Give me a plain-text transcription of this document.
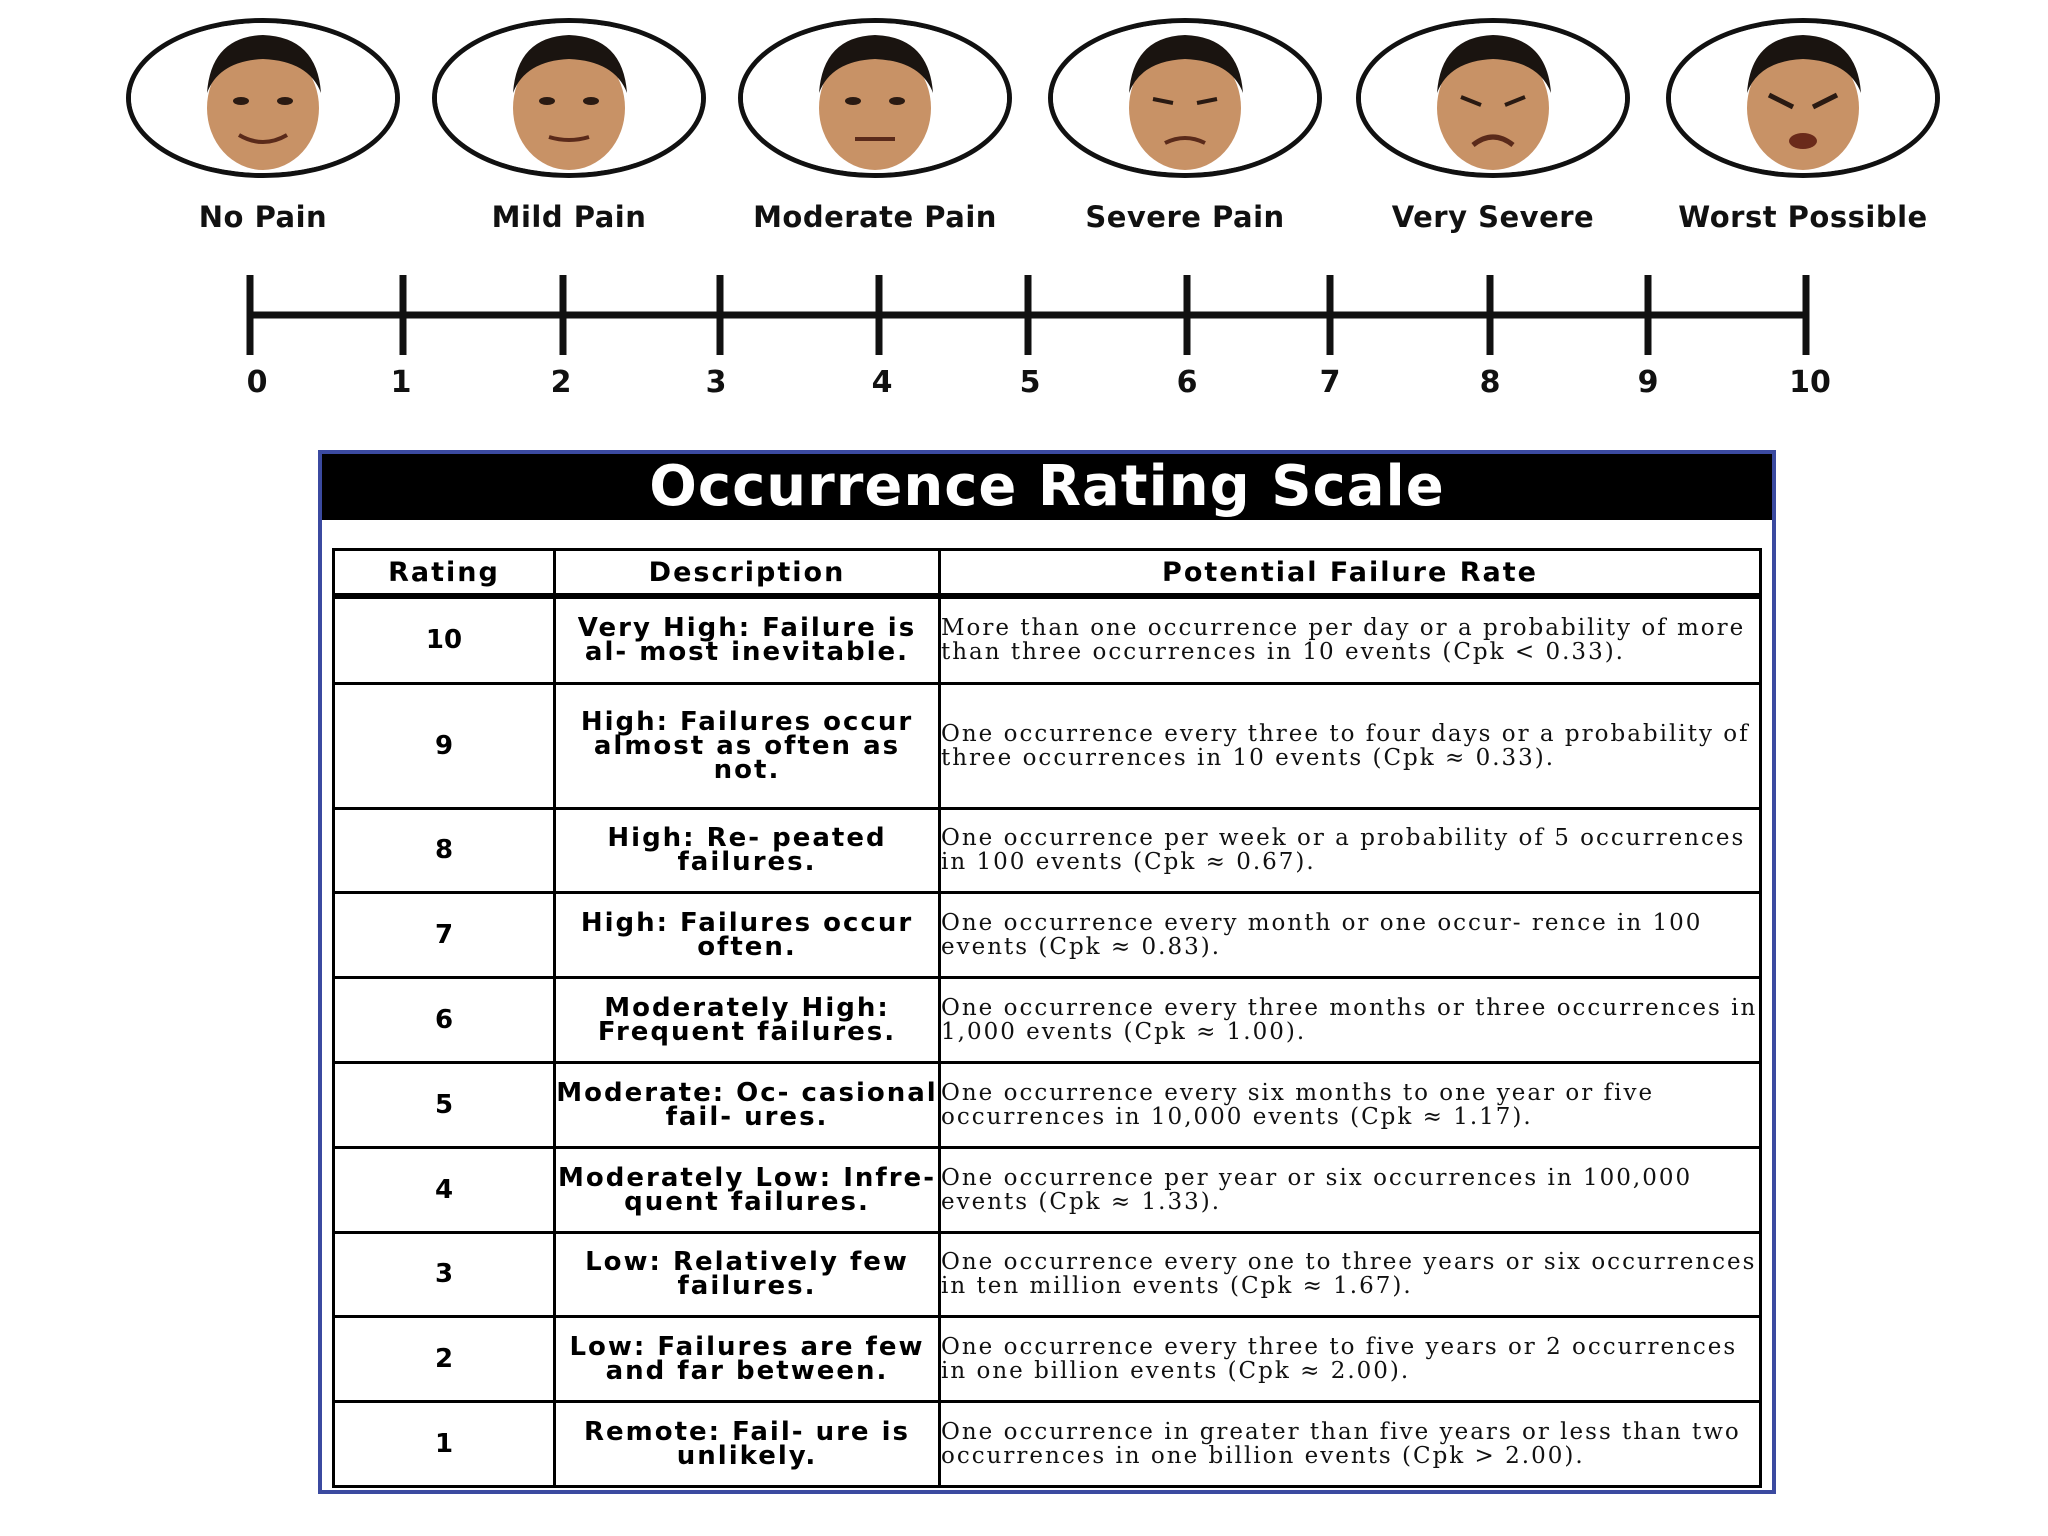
No Pain	Mild Pain	Moderate Pain	Severe Pain	Very Severe	Worst Possible
0	1	2	3	4	5	6	7	8	9	10
Occurrence Rating Scale
Rating	Description	Potential Failure Rate
10	Very High: Failure is al- most inevitable.	More than one occurrence per day or a probability of more than three occurrences in 10 events (Cpk < 0.33).
9	High: Failures occur almost as often as not.	One occurrence every three to four days or a probability of three occurrences in 10 events (Cpk ≈ 0.33).
8	High: Re- peated failures.	One occurrence per week or a probability of 5 occurrences in 100 events (Cpk ≈ 0.67).
7	High: Failures occur often.	One occurrence every month or one occur- rence in 100 events (Cpk ≈ 0.83).
6	Moderately High: Frequent failures.	One occurrence every three months or three occurrences in 1,000 events (Cpk ≈ 1.00).
5	Moderate: Oc- casional fail- ures.	One occurrence every six months to one year or five occurrences in 10,000 events (Cpk ≈ 1.17).
4	Moderately Low: Infre- quent failures.	One occurrence per year or six occurrences in 100,000 events (Cpk ≈ 1.33).
3	Low: Relatively few failures.	One occurrence every one to three years or six occurrences in ten million events (Cpk ≈ 1.67).
2	Low: Failures are few and far between.	One occurrence every three to five years or 2 occurrences in one billion events (Cpk ≈ 2.00).
1	Remote: Fail- ure is unlikely.	One occurrence in greater than five years or less than two occurrences in one billion events (Cpk > 2.00).
